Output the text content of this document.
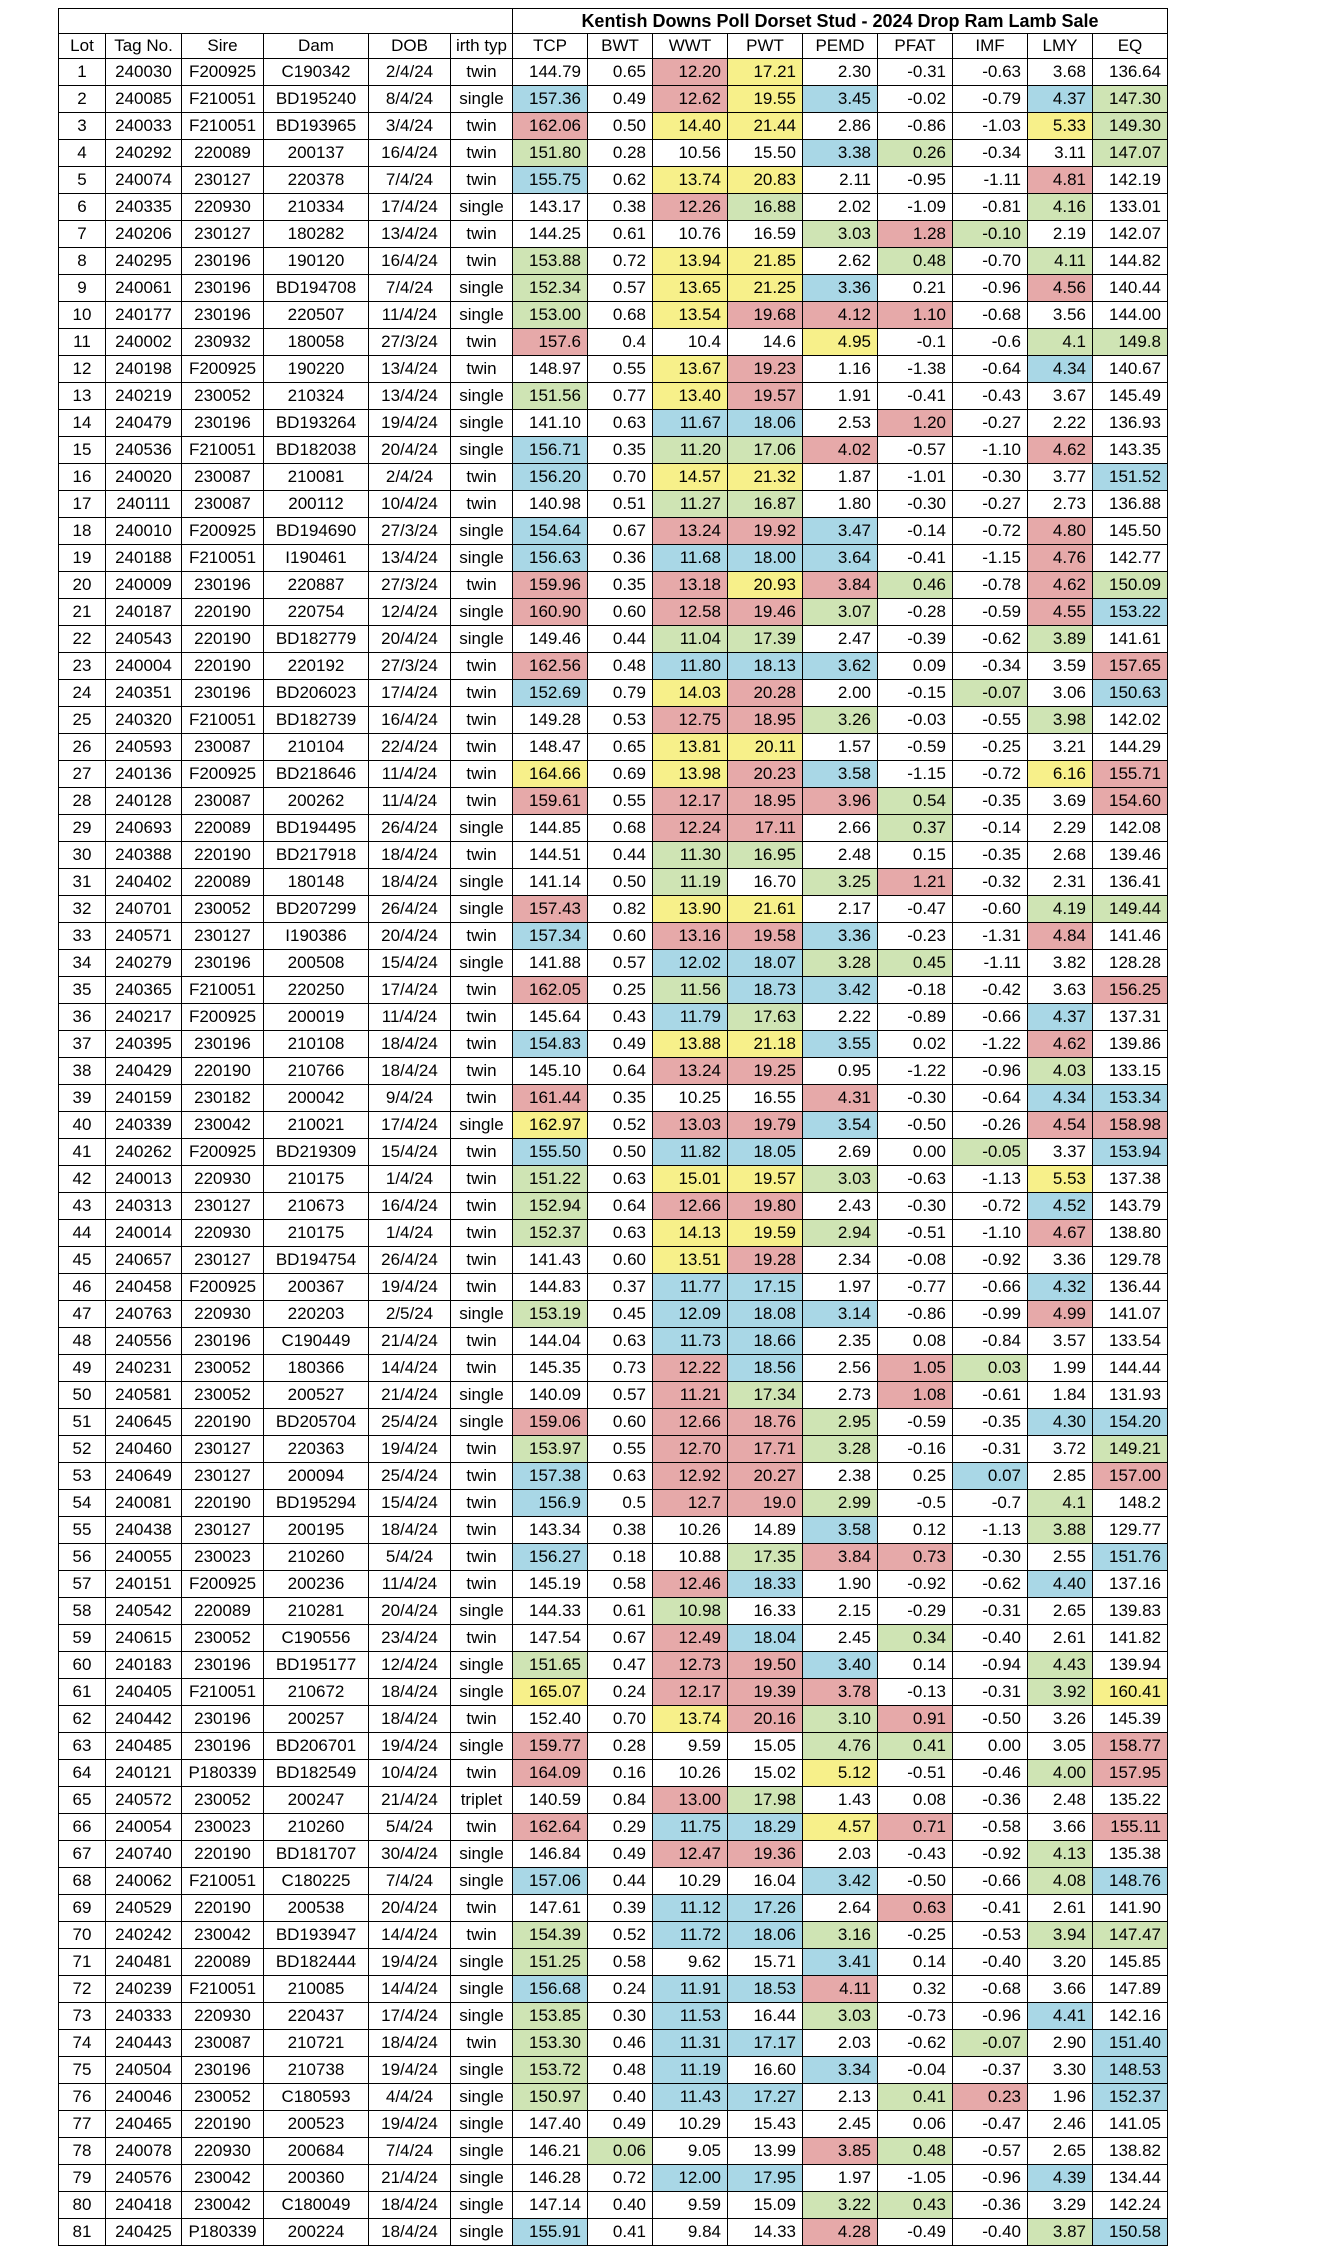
						Kentish Downs Poll Dorset Stud - 2024 Drop Ram Lamb Sale								
Lot	Tag No.	Sire	Dam	DOB	irth typ	TCP	BWT	WWT	PWT	PEMD	PFAT	IMF	LMY	EQ
1	240030	F200925	C190342	2/4/24	twin	144.79	0.65	12.20	17.21	2.30	-0.31	-0.63	3.68	136.64
2	240085	F210051	BD195240	8/4/24	single	157.36	0.49	12.62	19.55	3.45	-0.02	-0.79	4.37	147.30
3	240033	F210051	BD193965	3/4/24	twin	162.06	0.50	14.40	21.44	2.86	-0.86	-1.03	5.33	149.30
4	240292	220089	200137	16/4/24	twin	151.80	0.28	10.56	15.50	3.38	0.26	-0.34	3.11	147.07
5	240074	230127	220378	7/4/24	twin	155.75	0.62	13.74	20.83	2.11	-0.95	-1.11	4.81	142.19
6	240335	220930	210334	17/4/24	single	143.17	0.38	12.26	16.88	2.02	-1.09	-0.81	4.16	133.01
7	240206	230127	180282	13/4/24	twin	144.25	0.61	10.76	16.59	3.03	1.28	-0.10	2.19	142.07
8	240295	230196	190120	16/4/24	twin	153.88	0.72	13.94	21.85	2.62	0.48	-0.70	4.11	144.82
9	240061	230196	BD194708	7/4/24	single	152.34	0.57	13.65	21.25	3.36	0.21	-0.96	4.56	140.44
10	240177	230196	220507	11/4/24	single	153.00	0.68	13.54	19.68	4.12	1.10	-0.68	3.56	144.00
11	240002	230932	180058	27/3/24	twin	157.6	0.4	10.4	14.6	4.95	-0.1	-0.6	4.1	149.8
12	240198	F200925	190220	13/4/24	twin	148.97	0.55	13.67	19.23	1.16	-1.38	-0.64	4.34	140.67
13	240219	230052	210324	13/4/24	single	151.56	0.77	13.40	19.57	1.91	-0.41	-0.43	3.67	145.49
14	240479	230196	BD193264	19/4/24	single	141.10	0.63	11.67	18.06	2.53	1.20	-0.27	2.22	136.93
15	240536	F210051	BD182038	20/4/24	single	156.71	0.35	11.20	17.06	4.02	-0.57	-1.10	4.62	143.35
16	240020	230087	210081	2/4/24	twin	156.20	0.70	14.57	21.32	1.87	-1.01	-0.30	3.77	151.52
17	240111	230087	200112	10/4/24	twin	140.98	0.51	11.27	16.87	1.80	-0.30	-0.27	2.73	136.88
18	240010	F200925	BD194690	27/3/24	single	154.64	0.67	13.24	19.92	3.47	-0.14	-0.72	4.80	145.50
19	240188	F210051	I190461	13/4/24	single	156.63	0.36	11.68	18.00	3.64	-0.41	-1.15	4.76	142.77
20	240009	230196	220887	27/3/24	twin	159.96	0.35	13.18	20.93	3.84	0.46	-0.78	4.62	150.09
21	240187	220190	220754	12/4/24	single	160.90	0.60	12.58	19.46	3.07	-0.28	-0.59	4.55	153.22
22	240543	220190	BD182779	20/4/24	single	149.46	0.44	11.04	17.39	2.47	-0.39	-0.62	3.89	141.61
23	240004	220190	220192	27/3/24	twin	162.56	0.48	11.80	18.13	3.62	0.09	-0.34	3.59	157.65
24	240351	230196	BD206023	17/4/24	twin	152.69	0.79	14.03	20.28	2.00	-0.15	-0.07	3.06	150.63
25	240320	F210051	BD182739	16/4/24	twin	149.28	0.53	12.75	18.95	3.26	-0.03	-0.55	3.98	142.02
26	240593	230087	210104	22/4/24	twin	148.47	0.65	13.81	20.11	1.57	-0.59	-0.25	3.21	144.29
27	240136	F200925	BD218646	11/4/24	twin	164.66	0.69	13.98	20.23	3.58	-1.15	-0.72	6.16	155.71
28	240128	230087	200262	11/4/24	twin	159.61	0.55	12.17	18.95	3.96	0.54	-0.35	3.69	154.60
29	240693	220089	BD194495	26/4/24	single	144.85	0.68	12.24	17.11	2.66	0.37	-0.14	2.29	142.08
30	240388	220190	BD217918	18/4/24	twin	144.51	0.44	11.30	16.95	2.48	0.15	-0.35	2.68	139.46
31	240402	220089	180148	18/4/24	single	141.14	0.50	11.19	16.70	3.25	1.21	-0.32	2.31	136.41
32	240701	230052	BD207299	26/4/24	single	157.43	0.82	13.90	21.61	2.17	-0.47	-0.60	4.19	149.44
33	240571	230127	I190386	20/4/24	twin	157.34	0.60	13.16	19.58	3.36	-0.23	-1.31	4.84	141.46
34	240279	230196	200508	15/4/24	single	141.88	0.57	12.02	18.07	3.28	0.45	-1.11	3.82	128.28
35	240365	F210051	220250	17/4/24	twin	162.05	0.25	11.56	18.73	3.42	-0.18	-0.42	3.63	156.25
36	240217	F200925	200019	11/4/24	twin	145.64	0.43	11.79	17.63	2.22	-0.89	-0.66	4.37	137.31
37	240395	230196	210108	18/4/24	twin	154.83	0.49	13.88	21.18	3.55	0.02	-1.22	4.62	139.86
38	240429	220190	210766	18/4/24	twin	145.10	0.64	13.24	19.25	0.95	-1.22	-0.96	4.03	133.15
39	240159	230182	200042	9/4/24	twin	161.44	0.35	10.25	16.55	4.31	-0.30	-0.64	4.34	153.34
40	240339	230042	210021	17/4/24	single	162.97	0.52	13.03	19.79	3.54	-0.50	-0.26	4.54	158.98
41	240262	F200925	BD219309	15/4/24	twin	155.50	0.50	11.82	18.05	2.69	0.00	-0.05	3.37	153.94
42	240013	220930	210175	1/4/24	twin	151.22	0.63	15.01	19.57	3.03	-0.63	-1.13	5.53	137.38
43	240313	230127	210673	16/4/24	twin	152.94	0.64	12.66	19.80	2.43	-0.30	-0.72	4.52	143.79
44	240014	220930	210175	1/4/24	twin	152.37	0.63	14.13	19.59	2.94	-0.51	-1.10	4.67	138.80
45	240657	230127	BD194754	26/4/24	twin	141.43	0.60	13.51	19.28	2.34	-0.08	-0.92	3.36	129.78
46	240458	F200925	200367	19/4/24	twin	144.83	0.37	11.77	17.15	1.97	-0.77	-0.66	4.32	136.44
47	240763	220930	220203	2/5/24	single	153.19	0.45	12.09	18.08	3.14	-0.86	-0.99	4.99	141.07
48	240556	230196	C190449	21/4/24	twin	144.04	0.63	11.73	18.66	2.35	0.08	-0.84	3.57	133.54
49	240231	230052	180366	14/4/24	twin	145.35	0.73	12.22	18.56	2.56	1.05	0.03	1.99	144.44
50	240581	230052	200527	21/4/24	single	140.09	0.57	11.21	17.34	2.73	1.08	-0.61	1.84	131.93
51	240645	220190	BD205704	25/4/24	single	159.06	0.60	12.66	18.76	2.95	-0.59	-0.35	4.30	154.20
52	240460	230127	220363	19/4/24	twin	153.97	0.55	12.70	17.71	3.28	-0.16	-0.31	3.72	149.21
53	240649	230127	200094	25/4/24	twin	157.38	0.63	12.92	20.27	2.38	0.25	0.07	2.85	157.00
54	240081	220190	BD195294	15/4/24	twin	156.9	0.5	12.7	19.0	2.99	-0.5	-0.7	4.1	148.2
55	240438	230127	200195	18/4/24	twin	143.34	0.38	10.26	14.89	3.58	0.12	-1.13	3.88	129.77
56	240055	230023	210260	5/4/24	twin	156.27	0.18	10.88	17.35	3.84	0.73	-0.30	2.55	151.76
57	240151	F200925	200236	11/4/24	twin	145.19	0.58	12.46	18.33	1.90	-0.92	-0.62	4.40	137.16
58	240542	220089	210281	20/4/24	single	144.33	0.61	10.98	16.33	2.15	-0.29	-0.31	2.65	139.83
59	240615	230052	C190556	23/4/24	twin	147.54	0.67	12.49	18.04	2.45	0.34	-0.40	2.61	141.82
60	240183	230196	BD195177	12/4/24	single	151.65	0.47	12.73	19.50	3.40	0.14	-0.94	4.43	139.94
61	240405	F210051	210672	18/4/24	single	165.07	0.24	12.17	19.39	3.78	-0.13	-0.31	3.92	160.41
62	240442	230196	200257	18/4/24	twin	152.40	0.70	13.74	20.16	3.10	0.91	-0.50	3.26	145.39
63	240485	230196	BD206701	19/4/24	single	159.77	0.28	9.59	15.05	4.76	0.41	0.00	3.05	158.77
64	240121	P180339	BD182549	10/4/24	twin	164.09	0.16	10.26	15.02	5.12	-0.51	-0.46	4.00	157.95
65	240572	230052	200247	21/4/24	triplet	140.59	0.84	13.00	17.98	1.43	0.08	-0.36	2.48	135.22
66	240054	230023	210260	5/4/24	twin	162.64	0.29	11.75	18.29	4.57	0.71	-0.58	3.66	155.11
67	240740	220190	BD181707	30/4/24	single	146.84	0.49	12.47	19.36	2.03	-0.43	-0.92	4.13	135.38
68	240062	F210051	C180225	7/4/24	single	157.06	0.44	10.29	16.04	3.42	-0.50	-0.66	4.08	148.76
69	240529	220190	200538	20/4/24	twin	147.61	0.39	11.12	17.26	2.64	0.63	-0.41	2.61	141.90
70	240242	230042	BD193947	14/4/24	twin	154.39	0.52	11.72	18.06	3.16	-0.25	-0.53	3.94	147.47
71	240481	220089	BD182444	19/4/24	single	151.25	0.58	9.62	15.71	3.41	0.14	-0.40	3.20	145.85
72	240239	F210051	210085	14/4/24	single	156.68	0.24	11.91	18.53	4.11	0.32	-0.68	3.66	147.89
73	240333	220930	220437	17/4/24	single	153.85	0.30	11.53	16.44	3.03	-0.73	-0.96	4.41	142.16
74	240443	230087	210721	18/4/24	twin	153.30	0.46	11.31	17.17	2.03	-0.62	-0.07	2.90	151.40
75	240504	230196	210738	19/4/24	single	153.72	0.48	11.19	16.60	3.34	-0.04	-0.37	3.30	148.53
76	240046	230052	C180593	4/4/24	single	150.97	0.40	11.43	17.27	2.13	0.41	0.23	1.96	152.37
77	240465	220190	200523	19/4/24	single	147.40	0.49	10.29	15.43	2.45	0.06	-0.47	2.46	141.05
78	240078	220930	200684	7/4/24	single	146.21	0.06	9.05	13.99	3.85	0.48	-0.57	2.65	138.82
79	240576	230042	200360	21/4/24	single	146.28	0.72	12.00	17.95	1.97	-1.05	-0.96	4.39	134.44
80	240418	230042	C180049	18/4/24	single	147.14	0.40	9.59	15.09	3.22	0.43	-0.36	3.29	142.24
81	240425	P180339	200224	18/4/24	single	155.91	0.41	9.84	14.33	4.28	-0.49	-0.40	3.87	150.58
